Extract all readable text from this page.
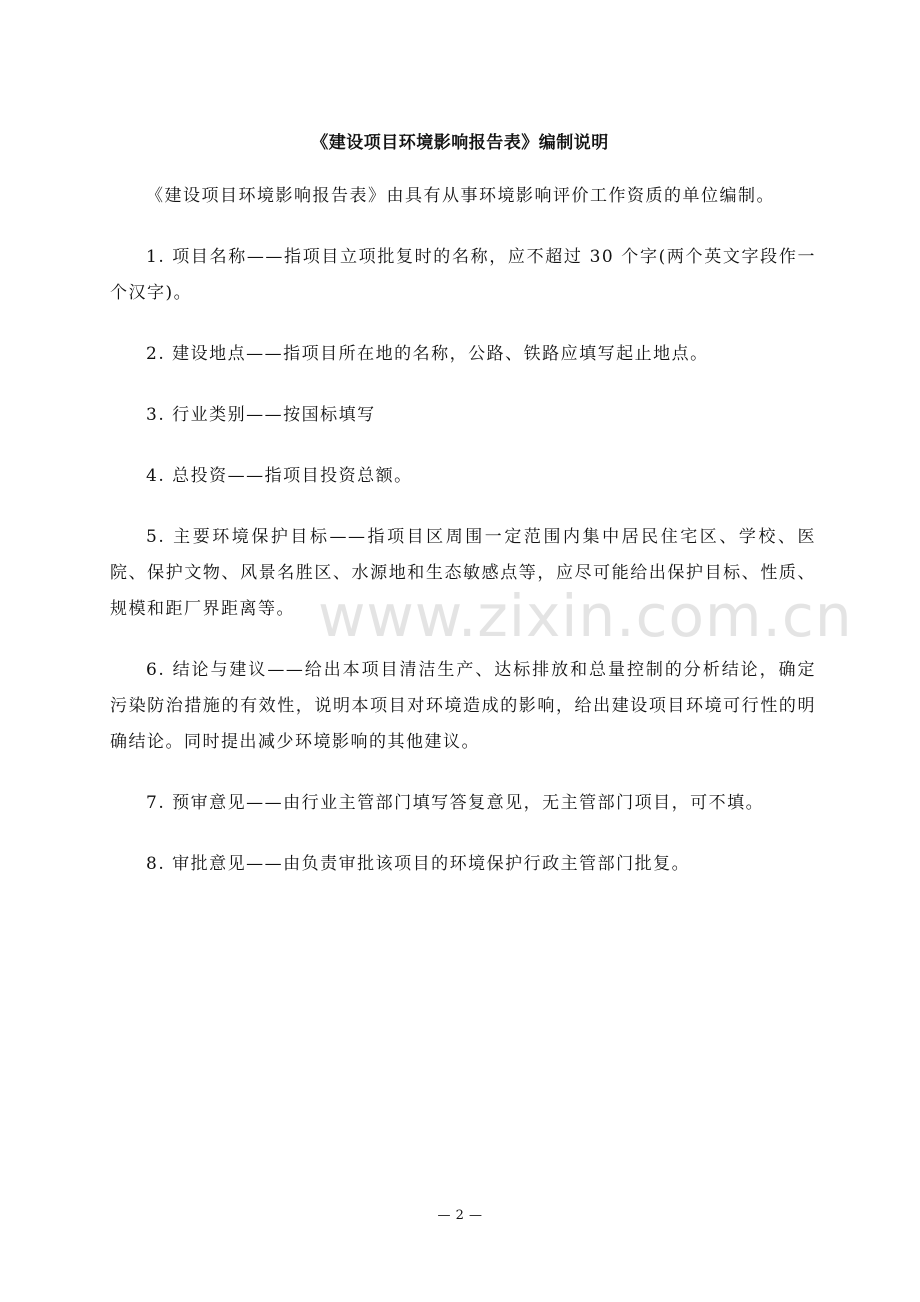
www.zixin.com.cn
《建设项目环境影响报告表》编制说明

《建设项目环境影响报告表》由具有从事环境影响评价工作资质的单位编制。

1. 项目名称——指项目立项批复时的名称，应不超过 30 个字(两个英文字段作一个汉字)。

2. 建设地点——指项目所在地的名称，公路、铁路应填写起止地点。

3. 行业类别——按国标填写

4. 总投资——指项目投资总额。

5. 主要环境保护目标——指项目区周围一定范围内集中居民住宅区、学校、医院、保护文物、风景名胜区、水源地和生态敏感点等，应尽可能给出保护目标、性质、规模和距厂界距离等。

6. 结论与建议——给出本项目清洁生产、达标排放和总量控制的分析结论，确定污染防治措施的有效性，说明本项目对环境造成的影响，给出建设项目环境可行性的明确结论。同时提出减少环境影响的其他建议。

7. 预审意见——由行业主管部门填写答复意见，无主管部门项目，可不填。

8. 审批意见——由负责审批该项目的环境保护行政主管部门批复。

— 2 —
